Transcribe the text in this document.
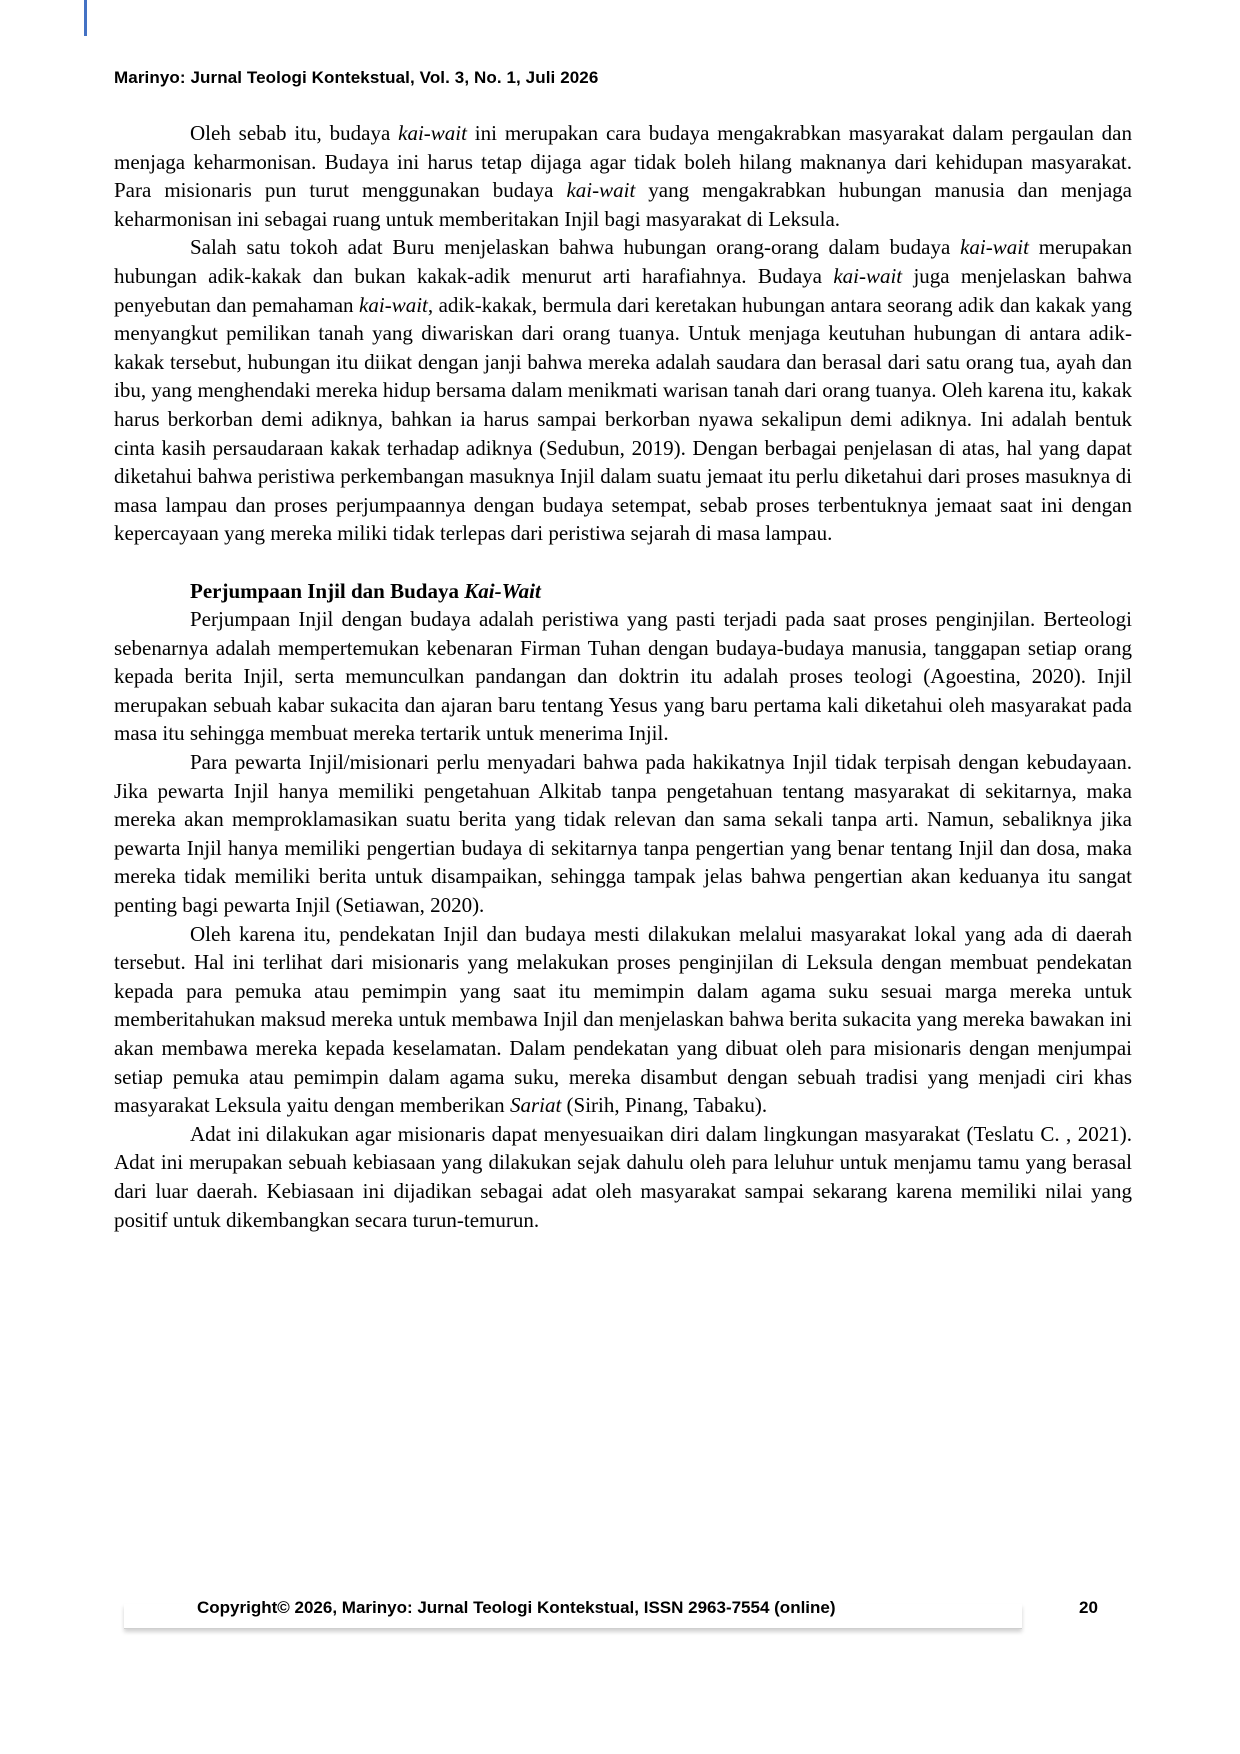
Marinyo: Jurnal Teologi Kontekstual, Vol. 3, No. 1, Juli 2026

Oleh sebab itu, budaya kai-wait ini merupakan cara budaya mengakrabkan masyarakat dalam pergaulan dan menjaga keharmonisan. Budaya ini harus tetap dijaga agar tidak boleh hilang maknanya dari kehidupan masyarakat. Para misionaris pun turut menggunakan budaya kai-wait yang mengakrabkan hubungan manusia dan menjaga keharmonisan ini sebagai ruang untuk memberitakan Injil bagi masyarakat di Leksula.

Salah satu tokoh adat Buru menjelaskan bahwa hubungan orang-orang dalam budaya kai-wait merupakan hubungan adik-kakak dan bukan kakak-adik menurut arti harafiahnya. Budaya kai-wait juga menjelaskan bahwa penyebutan dan pemahaman kai-wait, adik-kakak, bermula dari keretakan hubungan antara seorang adik dan kakak yang menyangkut pemilikan tanah yang diwariskan dari orang tuanya. Untuk menjaga keutuhan hubungan di antara adik-kakak tersebut, hubungan itu diikat dengan janji bahwa mereka adalah saudara dan berasal dari satu orang tua, ayah dan ibu, yang menghendaki mereka hidup bersama dalam menikmati warisan tanah dari orang tuanya. Oleh karena itu, kakak harus berkorban demi adiknya, bahkan ia harus sampai berkorban nyawa sekalipun demi adiknya. Ini adalah bentuk cinta kasih persaudaraan kakak terhadap adiknya (Sedubun, 2019). Dengan berbagai penjelasan di atas, hal yang dapat diketahui bahwa peristiwa perkembangan masuknya Injil dalam suatu jemaat itu perlu diketahui dari proses masuknya di masa lampau dan proses perjumpaannya dengan budaya setempat, sebab proses terbentuknya jemaat saat ini dengan kepercayaan yang mereka miliki tidak terlepas dari peristiwa sejarah di masa lampau.

Perjumpaan Injil dan Budaya Kai-Wait

Perjumpaan Injil dengan budaya adalah peristiwa yang pasti terjadi pada saat proses penginjilan. Berteologi sebenarnya adalah mempertemukan kebenaran Firman Tuhan dengan budaya-budaya manusia, tanggapan setiap orang kepada berita Injil, serta memunculkan pandangan dan doktrin itu adalah proses teologi (Agoestina, 2020). Injil merupakan sebuah kabar sukacita dan ajaran baru tentang Yesus yang baru pertama kali diketahui oleh masyarakat pada masa itu sehingga membuat mereka tertarik untuk menerima Injil.

Para pewarta Injil/misionari perlu menyadari bahwa pada hakikatnya Injil tidak terpisah dengan kebudayaan. Jika pewarta Injil hanya memiliki pengetahuan Alkitab tanpa pengetahuan tentang masyarakat di sekitarnya, maka mereka akan memproklamasikan suatu berita yang tidak relevan dan sama sekali tanpa arti. Namun, sebaliknya jika pewarta Injil hanya memiliki pengertian budaya di sekitarnya tanpa pengertian yang benar tentang Injil dan dosa, maka mereka tidak memiliki berita untuk disampaikan, sehingga tampak jelas bahwa pengertian akan keduanya itu sangat penting bagi pewarta Injil (Setiawan, 2020).

Oleh karena itu, pendekatan Injil dan budaya mesti dilakukan melalui masyarakat lokal yang ada di daerah tersebut. Hal ini terlihat dari misionaris yang melakukan proses penginjilan di Leksula dengan membuat pendekatan kepada para pemuka atau pemimpin yang saat itu memimpin dalam agama suku sesuai marga mereka untuk memberitahukan maksud mereka untuk membawa Injil dan menjelaskan bahwa berita sukacita yang mereka bawakan ini akan membawa mereka kepada keselamatan. Dalam pendekatan yang dibuat oleh para misionaris dengan menjumpai setiap pemuka atau pemimpin dalam agama suku, mereka disambut dengan sebuah tradisi yang menjadi ciri khas masyarakat Leksula yaitu dengan memberikan Sariat (Sirih, Pinang, Tabaku).

Adat ini dilakukan agar misionaris dapat menyesuaikan diri dalam lingkungan masyarakat (Teslatu C. , 2021). Adat ini merupakan sebuah kebiasaan yang dilakukan sejak dahulu oleh para leluhur untuk menjamu tamu yang berasal dari luar daerah. Kebiasaan ini dijadikan sebagai adat oleh masyarakat sampai sekarang karena memiliki nilai yang positif untuk dikembangkan secara turun-temurun.

Copyright© 2026, Marinyo: Jurnal Teologi Kontekstual, ISSN 2963-7554 (online)	20
